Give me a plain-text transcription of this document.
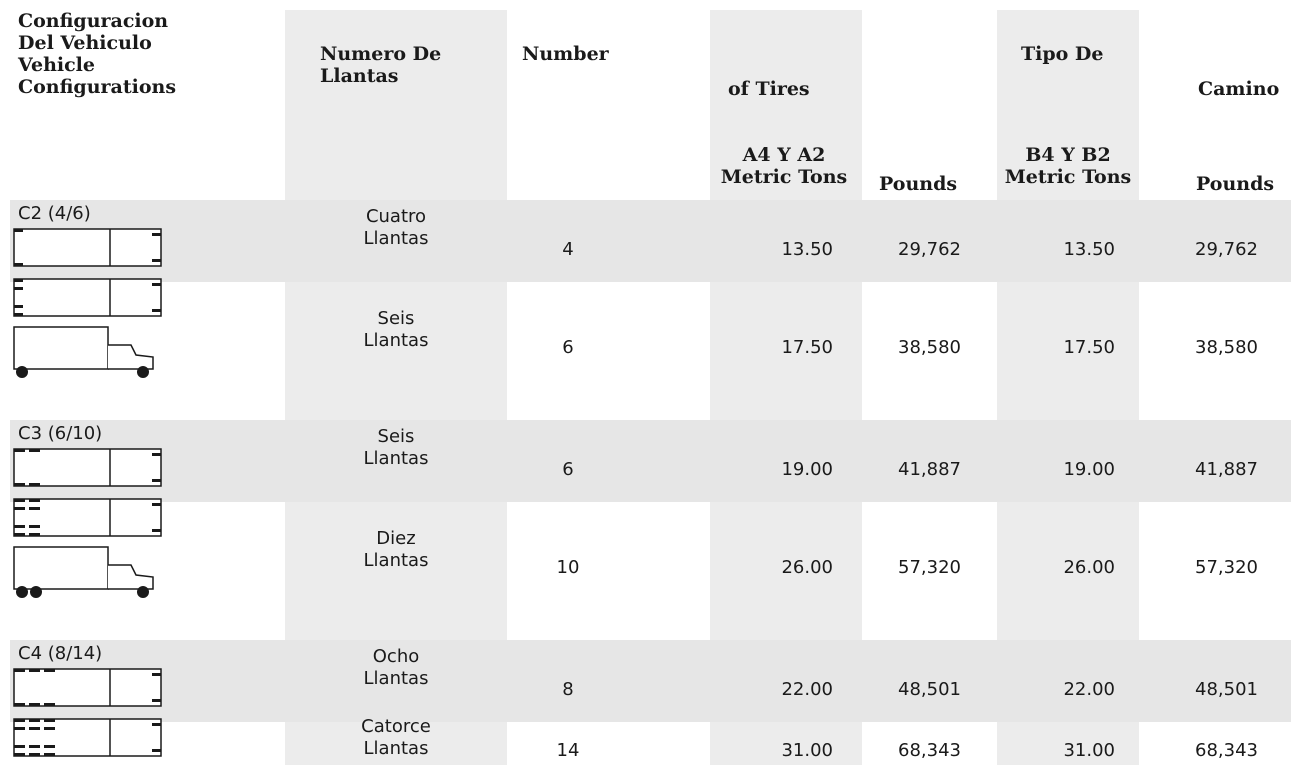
Configuracion
Del Vehiculo
Vehicle
Configurations
Numero De
Llantas
Number
of Tires
A4 Y A2
Metric Tons	Pounds
Tipo De
B4 Y B2
Metric Tons
Camino
Pounds
C2 (4/6)	Cuatro
Llantas
4	13.50	29,762	13.50	29,762
Seis
Llantas	6	17.50	38,580	17.50	38,580
C3 (6/10)	Seis
Llantas
6	19.00	41,887	19.00	41,887
Diez
Llantas	10	26.00	57,320	26.00	57,320
C4 (8/14)	Ocho
Llantas
8	22.00	48,501	22.00	48,501
Catorce
Llantas	14	31.00	68,343	31.00	68,343
